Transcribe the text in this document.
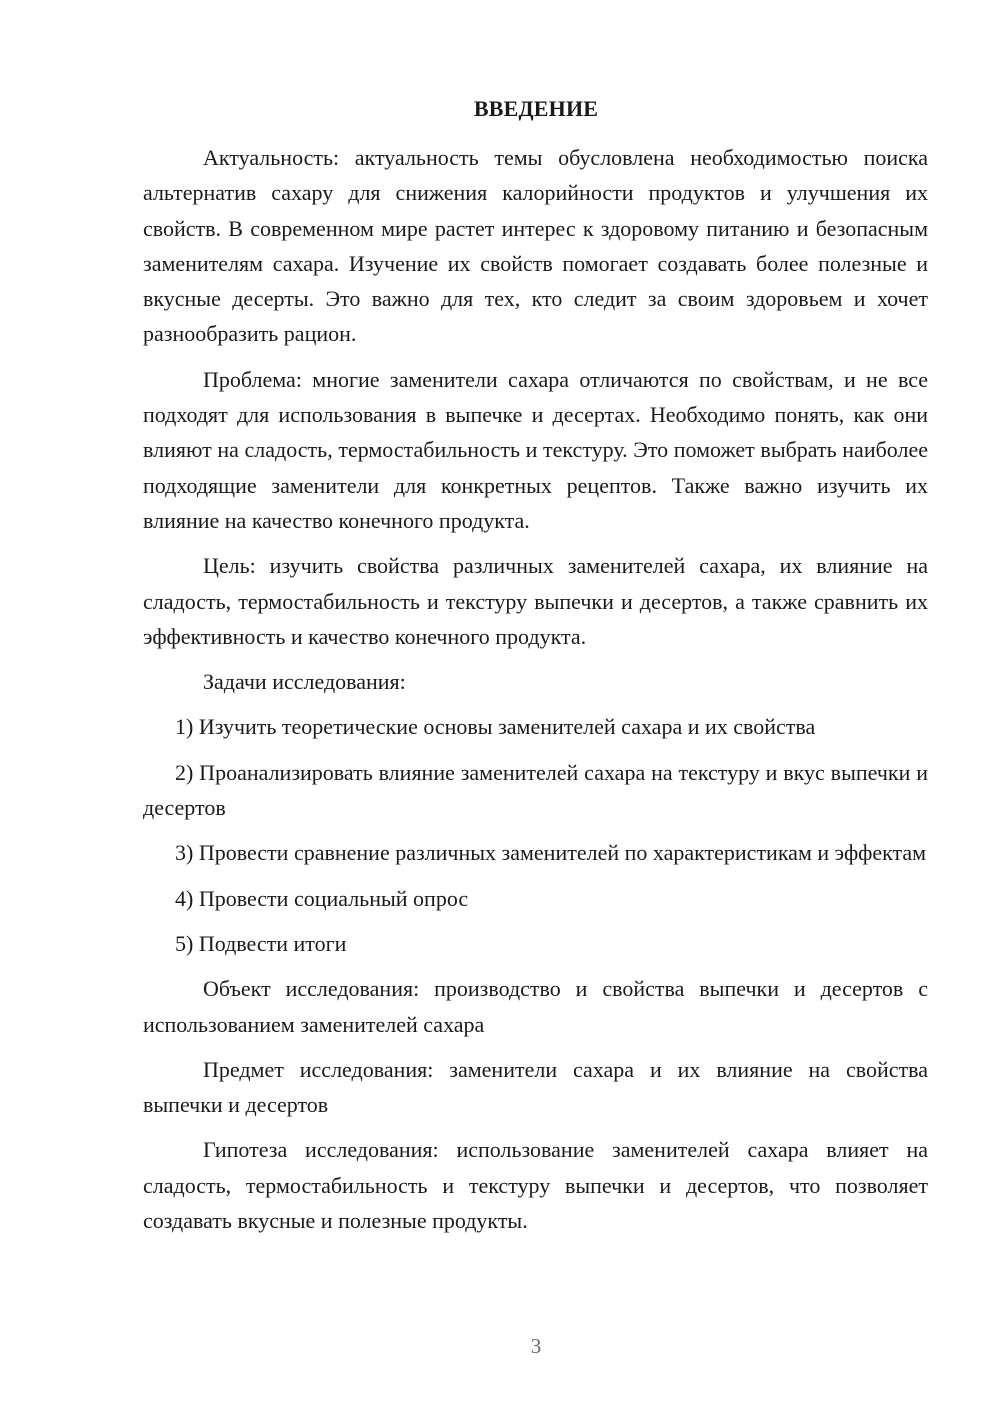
ВВЕДЕНИЕ

Актуальность: актуальность темы обусловлена необходимостью поиска альтернатив сахару для снижения калорийности продуктов и улучшения их свойств. В современном мире растет интерес к здоровому питанию и безопасным заменителям сахара. Изучение их свойств помогает создавать более полезные и вкусные десерты. Это важно для тех, кто следит за своим здоровьем и хочет разнообразить рацион.

Проблема: многие заменители сахара отличаются по свойствам, и не все подходят для использования в выпечке и десертах. Необходимо понять, как они влияют на сладость, термостабильность и текстуру. Это поможет выбрать наиболее подходящие заменители для конкретных рецептов. Также важно изучить их влияние на качество конечного продукта.

Цель: изучить свойства различных заменителей сахара, их влияние на сладость, термостабильность и текстуру выпечки и десертов, а также сравнить их эффективность и качество конечного продукта.

Задачи исследования:

1) Изучить теоретические основы заменителей сахара и их свойства

2) Проанализировать влияние заменителей сахара на текстуру и вкус выпечки и десертов

3) Провести сравнение различных заменителей по характеристикам и эффектам

4) Провести социальный опрос

5) Подвести итоги

Объект исследования: производство и свойства выпечки и десертов с использованием заменителей сахара

Предмет исследования: заменители сахара и их влияние на свойства выпечки и десертов

Гипотеза исследования: использование заменителей сахара влияет на сладость, термостабильность и текстуру выпечки и десертов, что позволяет создавать вкусные и полезные продукты.

3
